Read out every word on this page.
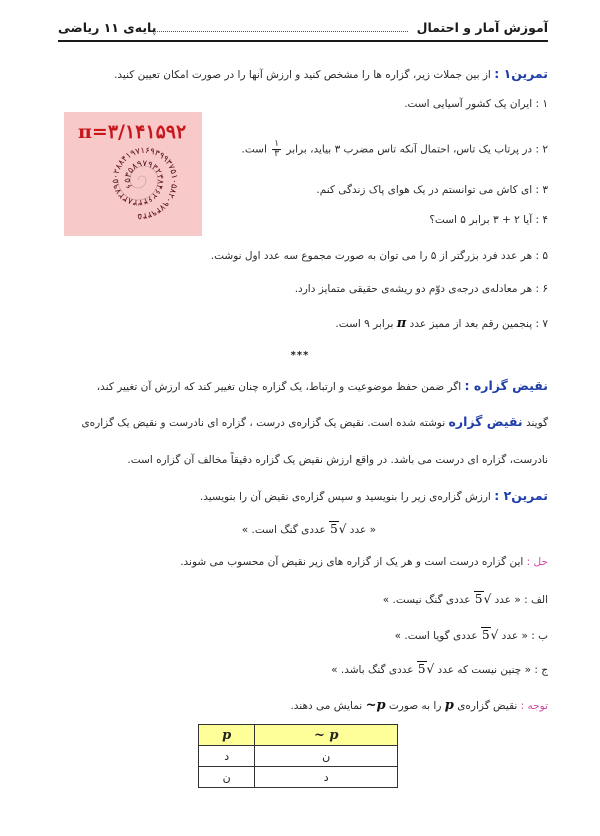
آموزش آمار و احتمال
پایه‌ی ۱۱ ریاضی
تمرین۱ : از بین جملات زیر، گزاره ها را مشخص کنید و ارزش آنها را در صورت امکان تعیین کنید.
۱ : ایران یک کشور آسیایی است.
۲ : در پرتاب یک تاس، احتمال آنکه تاس مضرب ۳ بیاید، برابر
$\frac{۱}{۳}$
است.
۳ : ای کاش می توانستم در یک هوای پاک زندگی کنم.
۴ : آیا ۲ + ۳ برابر ۵ است؟
۵ : هر عدد فرد بزرگتر از ۵ را می توان به صورت مجموع سه عدد اول نوشت.
۶ : هر معادله‌ی درجه‌ی دوّم دو ریشه‌ی حقیقی متمایز دارد.
۷ : پنجمین رقم بعد از ممیز عدد π برابر ۹ است.
π=۳/۱۴۱۵۹۲
۶۵۳۵۸۹۷۹۳۲۳۸۴۶۲۶۴۳۳۸۳۲۷۹۵۰۲۸۸۴۱۹۷۱۶۹۳۹۹۳۷۵۱۰۵۸۲۰۹۷۴۹۴۴۵
***
نقیض گزاره : اگر ضمن حفظ موضوعیت و ارتباط، یک گزاره چنان تغییر کند که ارزش آن تغییر کند،
گویند نقیض گزاره نوشته شده است. نقیض یک گزاره‌ی درست ، گزاره ای نادرست و نقیض یک گزاره‌ی
نادرست، گزاره ای درست می باشد. در واقع ارزش نقیض یک گزاره دقیقاً مخالف آن گزاره است.
تمرین۲ : ارزش گزاره‌ی زیر را بنویسید و سپس گزاره‌ی نقیض آن را بنویسید.
« عدد √5 عددی گنگ است. »
حل : این گزاره درست است و هر یک از گزاره های زیر نقیض آن محسوب می شوند.
الف : « عدد √5 عددی گنگ نیست. »
ب : « عدد √5 عددی گویا است. »
ج : « چنین نیست که عدد √5 عددی گنگ باشد. »
توجه : نقیض گزاره‌ی p را به صورت ~p نمایش می دهند.
p	~ p
د	ن
ن	د
